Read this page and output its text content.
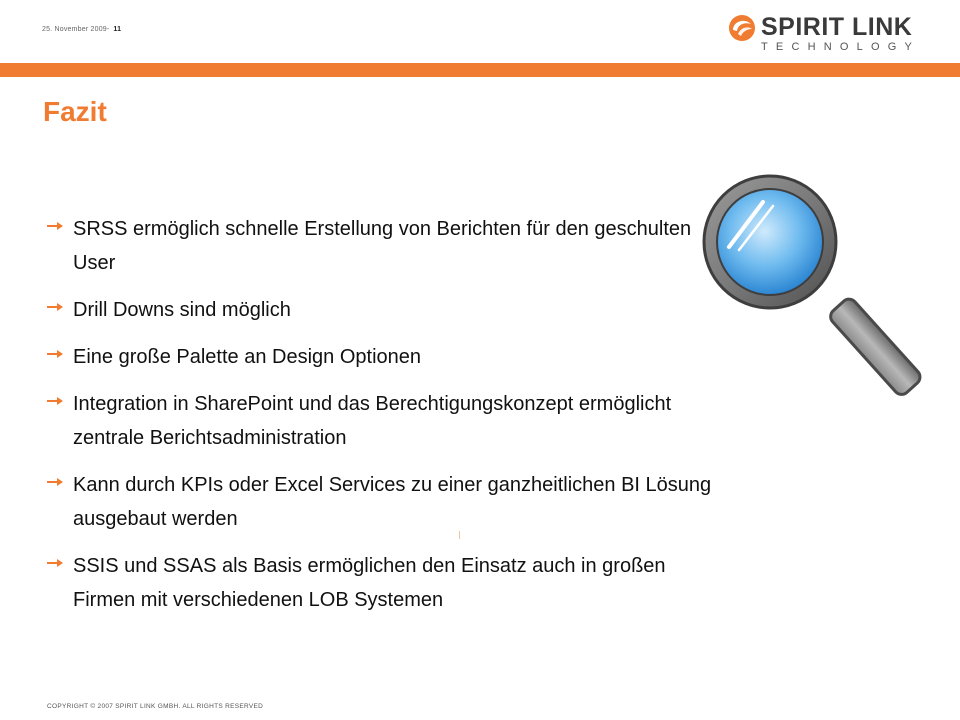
25. November 2009- 11	SPIRIT LINK
TECHNOLOGY
Fazit
SRSS ermöglich schnelle Erstellung von Berichten für den geschulten User
Drill Downs sind möglich
Eine große Palette an Design Optionen
Integration in SharePoint und das Berechtigungskonzept ermöglicht zentrale Berichtsadministration
Kann durch KPIs oder Excel Services zu einer ganzheitlichen BI Lösung ausgebaut werden
SSIS und SSAS als Basis ermöglichen den Einsatz auch in großen Firmen mit verschiedenen LOB Systemen
COPYRIGHT © 2007 SPIRIT LINK GMBH. ALL RIGHTS RESERVED
